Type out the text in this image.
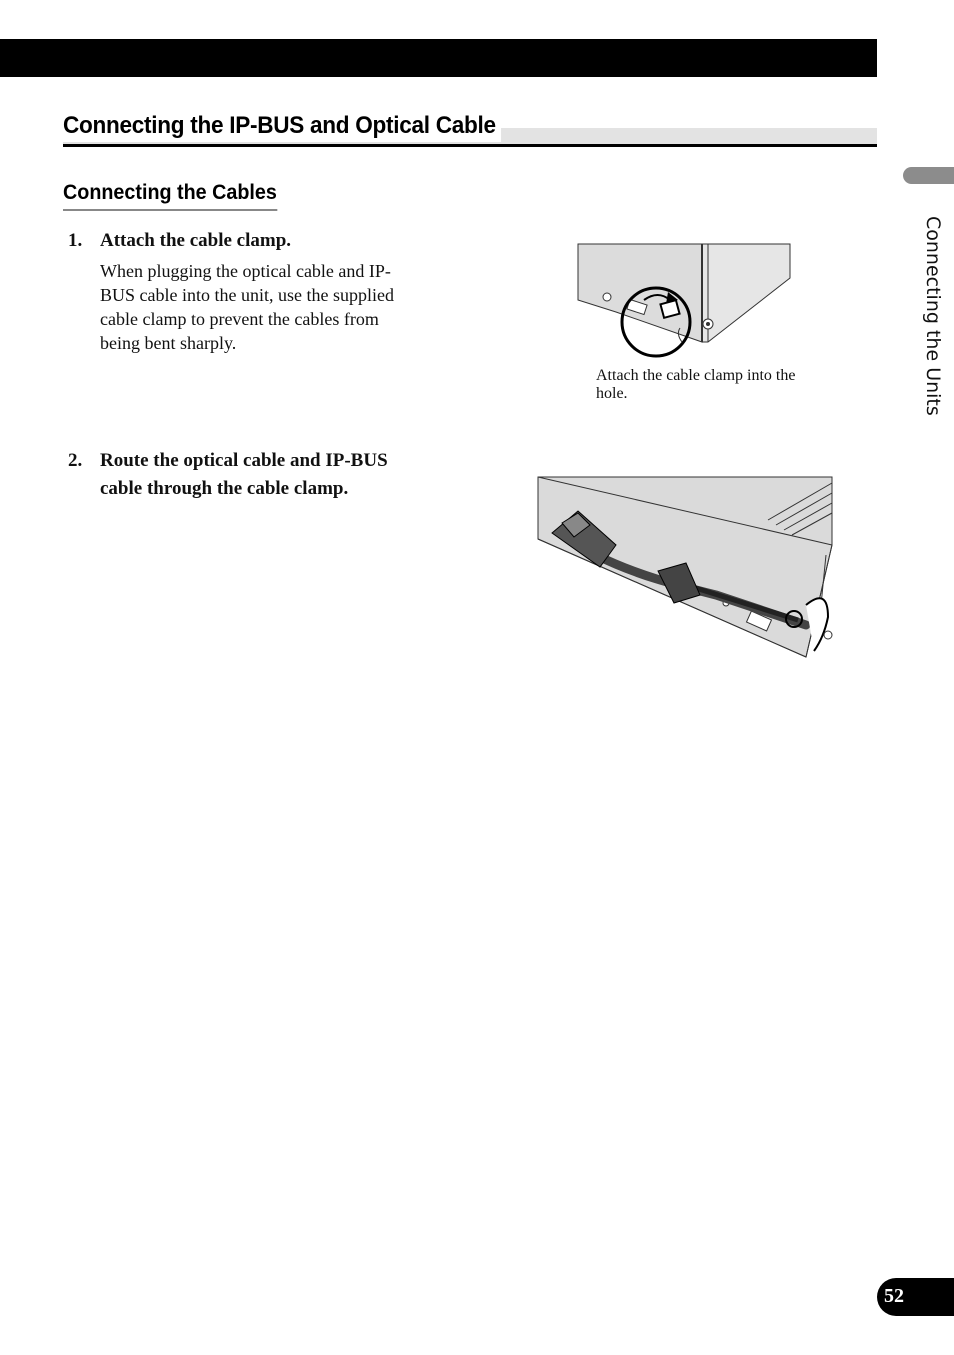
Connecting the IP-BUS and Optical Cable
Connecting the Cables
1. Attach the cable clamp.

When plugging the optical cable and IP-BUS cable into the unit, use the supplied cable clamp to prevent the cables from being bent sharply.

Attach the cable clamp into the hole.

2. Route the optical cable and IP-BUS cable through the cable clamp.

Connecting the Units
52
